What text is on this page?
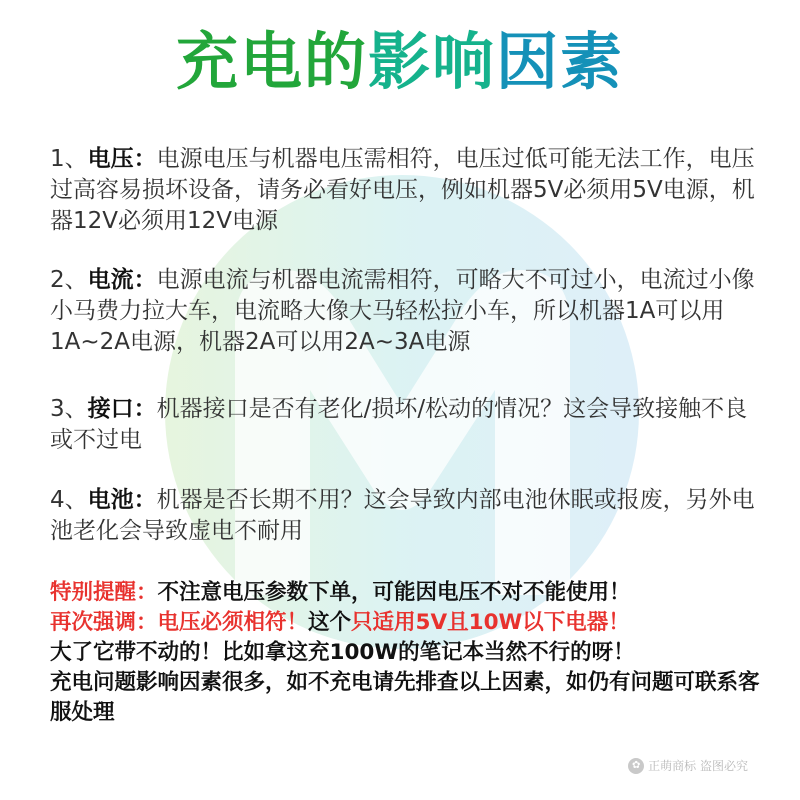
充电的影响因素
1、电压：电源电压与机器电压需相符，电压过低可能无法工作，电压过高容易损坏设备，请务必看好电压，例如机器5V必须用5V电源，机器12V必须用12V电源
2、电流：电源电流与机器电流需相符，可略大不可过小，电流过小像小马费力拉大车，电流略大像大马轻松拉小车，所以机器1A可以用1A~2A电源，机器2A可以用2A~3A电源
3、接口：机器接口是否有老化/损坏/松动的情况？这会导致接触不良或不过电
4、电池：机器是否长期不用？这会导致内部电池休眠或报废，另外电池老化会导致虚电不耐用
特别提醒：不注意电压参数下单，可能因电压不对不能使用！
再次强调：电压必须相符！这个只适用5V且10W以下电器！
大了它带不动的！比如拿这充100W的笔记本当然不行的呀！
充电问题影响因素很多，如不充电请先排查以上因素，如仍有问题可联系客服处理
✿ 正萌商标 盗图必究
